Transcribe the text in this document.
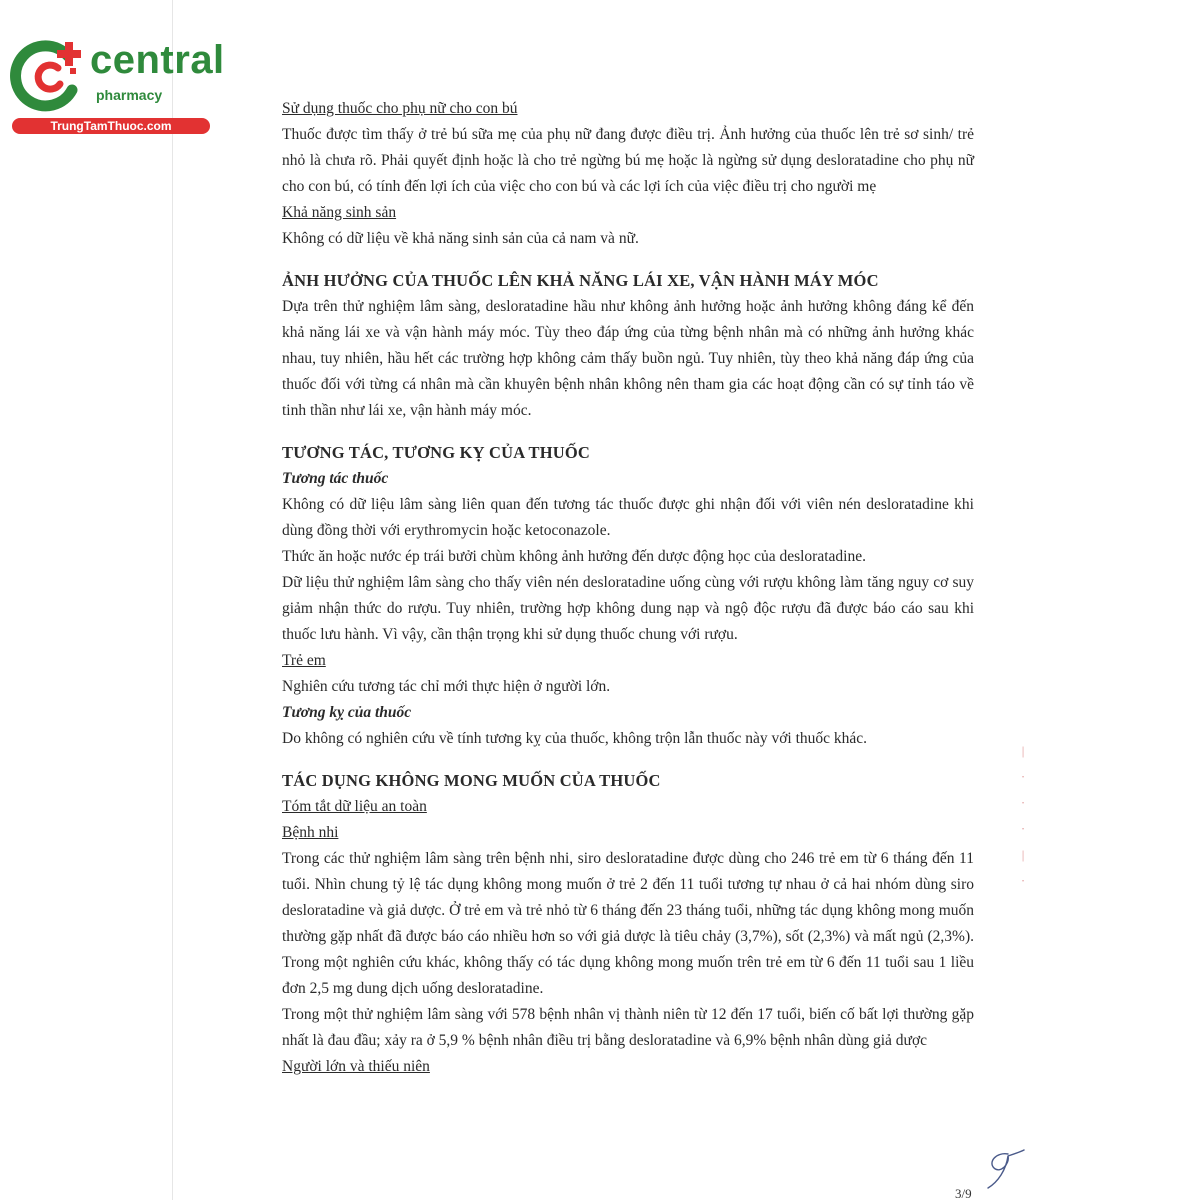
central
pharmacy
TrungTamThuoc.com

Sử dụng thuốc cho phụ nữ cho con bú

Thuốc được tìm thấy ở trẻ bú sữa mẹ của phụ nữ đang được điều trị. Ảnh hưởng của thuốc lên trẻ sơ sinh/ trẻ nhỏ là chưa rõ. Phải quyết định hoặc là cho trẻ ngừng bú mẹ hoặc là ngừng sử dụng desloratadine cho phụ nữ cho con bú, có tính đến lợi ích của việc cho con bú và các lợi ích của việc điều trị cho người mẹ

Khả năng sinh sản

Không có dữ liệu về khả năng sinh sản của cả nam và nữ.

ẢNH HƯỞNG CỦA THUỐC LÊN KHẢ NĂNG LÁI XE, VẬN HÀNH MÁY MÓC

Dựa trên thử nghiệm lâm sàng, desloratadine hầu như không ảnh hưởng hoặc ảnh hưởng không đáng kể đến khả năng lái xe và vận hành máy móc. Tùy theo đáp ứng của từng bệnh nhân mà có những ảnh hưởng khác nhau, tuy nhiên, hầu hết các trường hợp không cảm thấy buồn ngủ. Tuy nhiên, tùy theo khả năng đáp ứng của thuốc đối với từng cá nhân mà cần khuyên bệnh nhân không nên tham gia các hoạt động cần có sự tỉnh táo về tinh thần như lái xe, vận hành máy móc.

TƯƠNG TÁC, TƯƠNG KỴ CỦA THUỐC

Tương tác thuốc

Không có dữ liệu lâm sàng liên quan đến tương tác thuốc được ghi nhận đối với viên nén desloratadine khi dùng đồng thời với erythromycin hoặc ketoconazole.

Thức ăn hoặc nước ép trái bưởi chùm không ảnh hưởng đến dược động học của desloratadine.

Dữ liệu thử nghiệm lâm sàng cho thấy viên nén desloratadine uống cùng với rượu không làm tăng nguy cơ suy giảm nhận thức do rượu. Tuy nhiên, trường hợp không dung nạp và ngộ độc rượu đã được báo cáo sau khi thuốc lưu hành. Vì vậy, cần thận trọng khi sử dụng thuốc chung với rượu.

Trẻ em

Nghiên cứu tương tác chỉ mới thực hiện ở người lớn.

Tương kỵ của thuốc

Do không có nghiên cứu về tính tương kỵ của thuốc, không trộn lẫn thuốc này với thuốc khác.

TÁC DỤNG KHÔNG MONG MUỐN CỦA THUỐC

Tóm tắt dữ liệu an toàn

Bệnh nhi

Trong các thử nghiệm lâm sàng trên bệnh nhi, siro desloratadine được dùng cho 246 trẻ em từ 6 tháng đến 11 tuổi. Nhìn chung tỷ lệ tác dụng không mong muốn ở trẻ 2 đến 11 tuổi tương tự nhau ở cả hai nhóm dùng siro desloratadine và giả dược. Ở trẻ em và trẻ nhỏ từ 6 tháng đến 23 tháng tuổi, những tác dụng không mong muốn thường gặp nhất đã được báo cáo nhiều hơn so với giả dược là tiêu chảy (3,7%), sốt (2,3%) và mất ngủ (2,3%). Trong một nghiên cứu khác, không thấy có tác dụng không mong muốn trên trẻ em từ 6 đến 11 tuổi sau 1 liều đơn 2,5 mg dung dịch uống desloratadine.

Trong một thử nghiệm lâm sàng với 578 bệnh nhân vị thành niên từ 12 đến 17 tuổi, biến cố bất lợi thường gặp nhất là đau đầu; xảy ra ở 5,9 % bệnh nhân điều trị bằng desloratadine và 6,9% bệnh nhân dùng giả dược

Người lớn và thiếu niên

|
·
·
·
|
·
3/9
